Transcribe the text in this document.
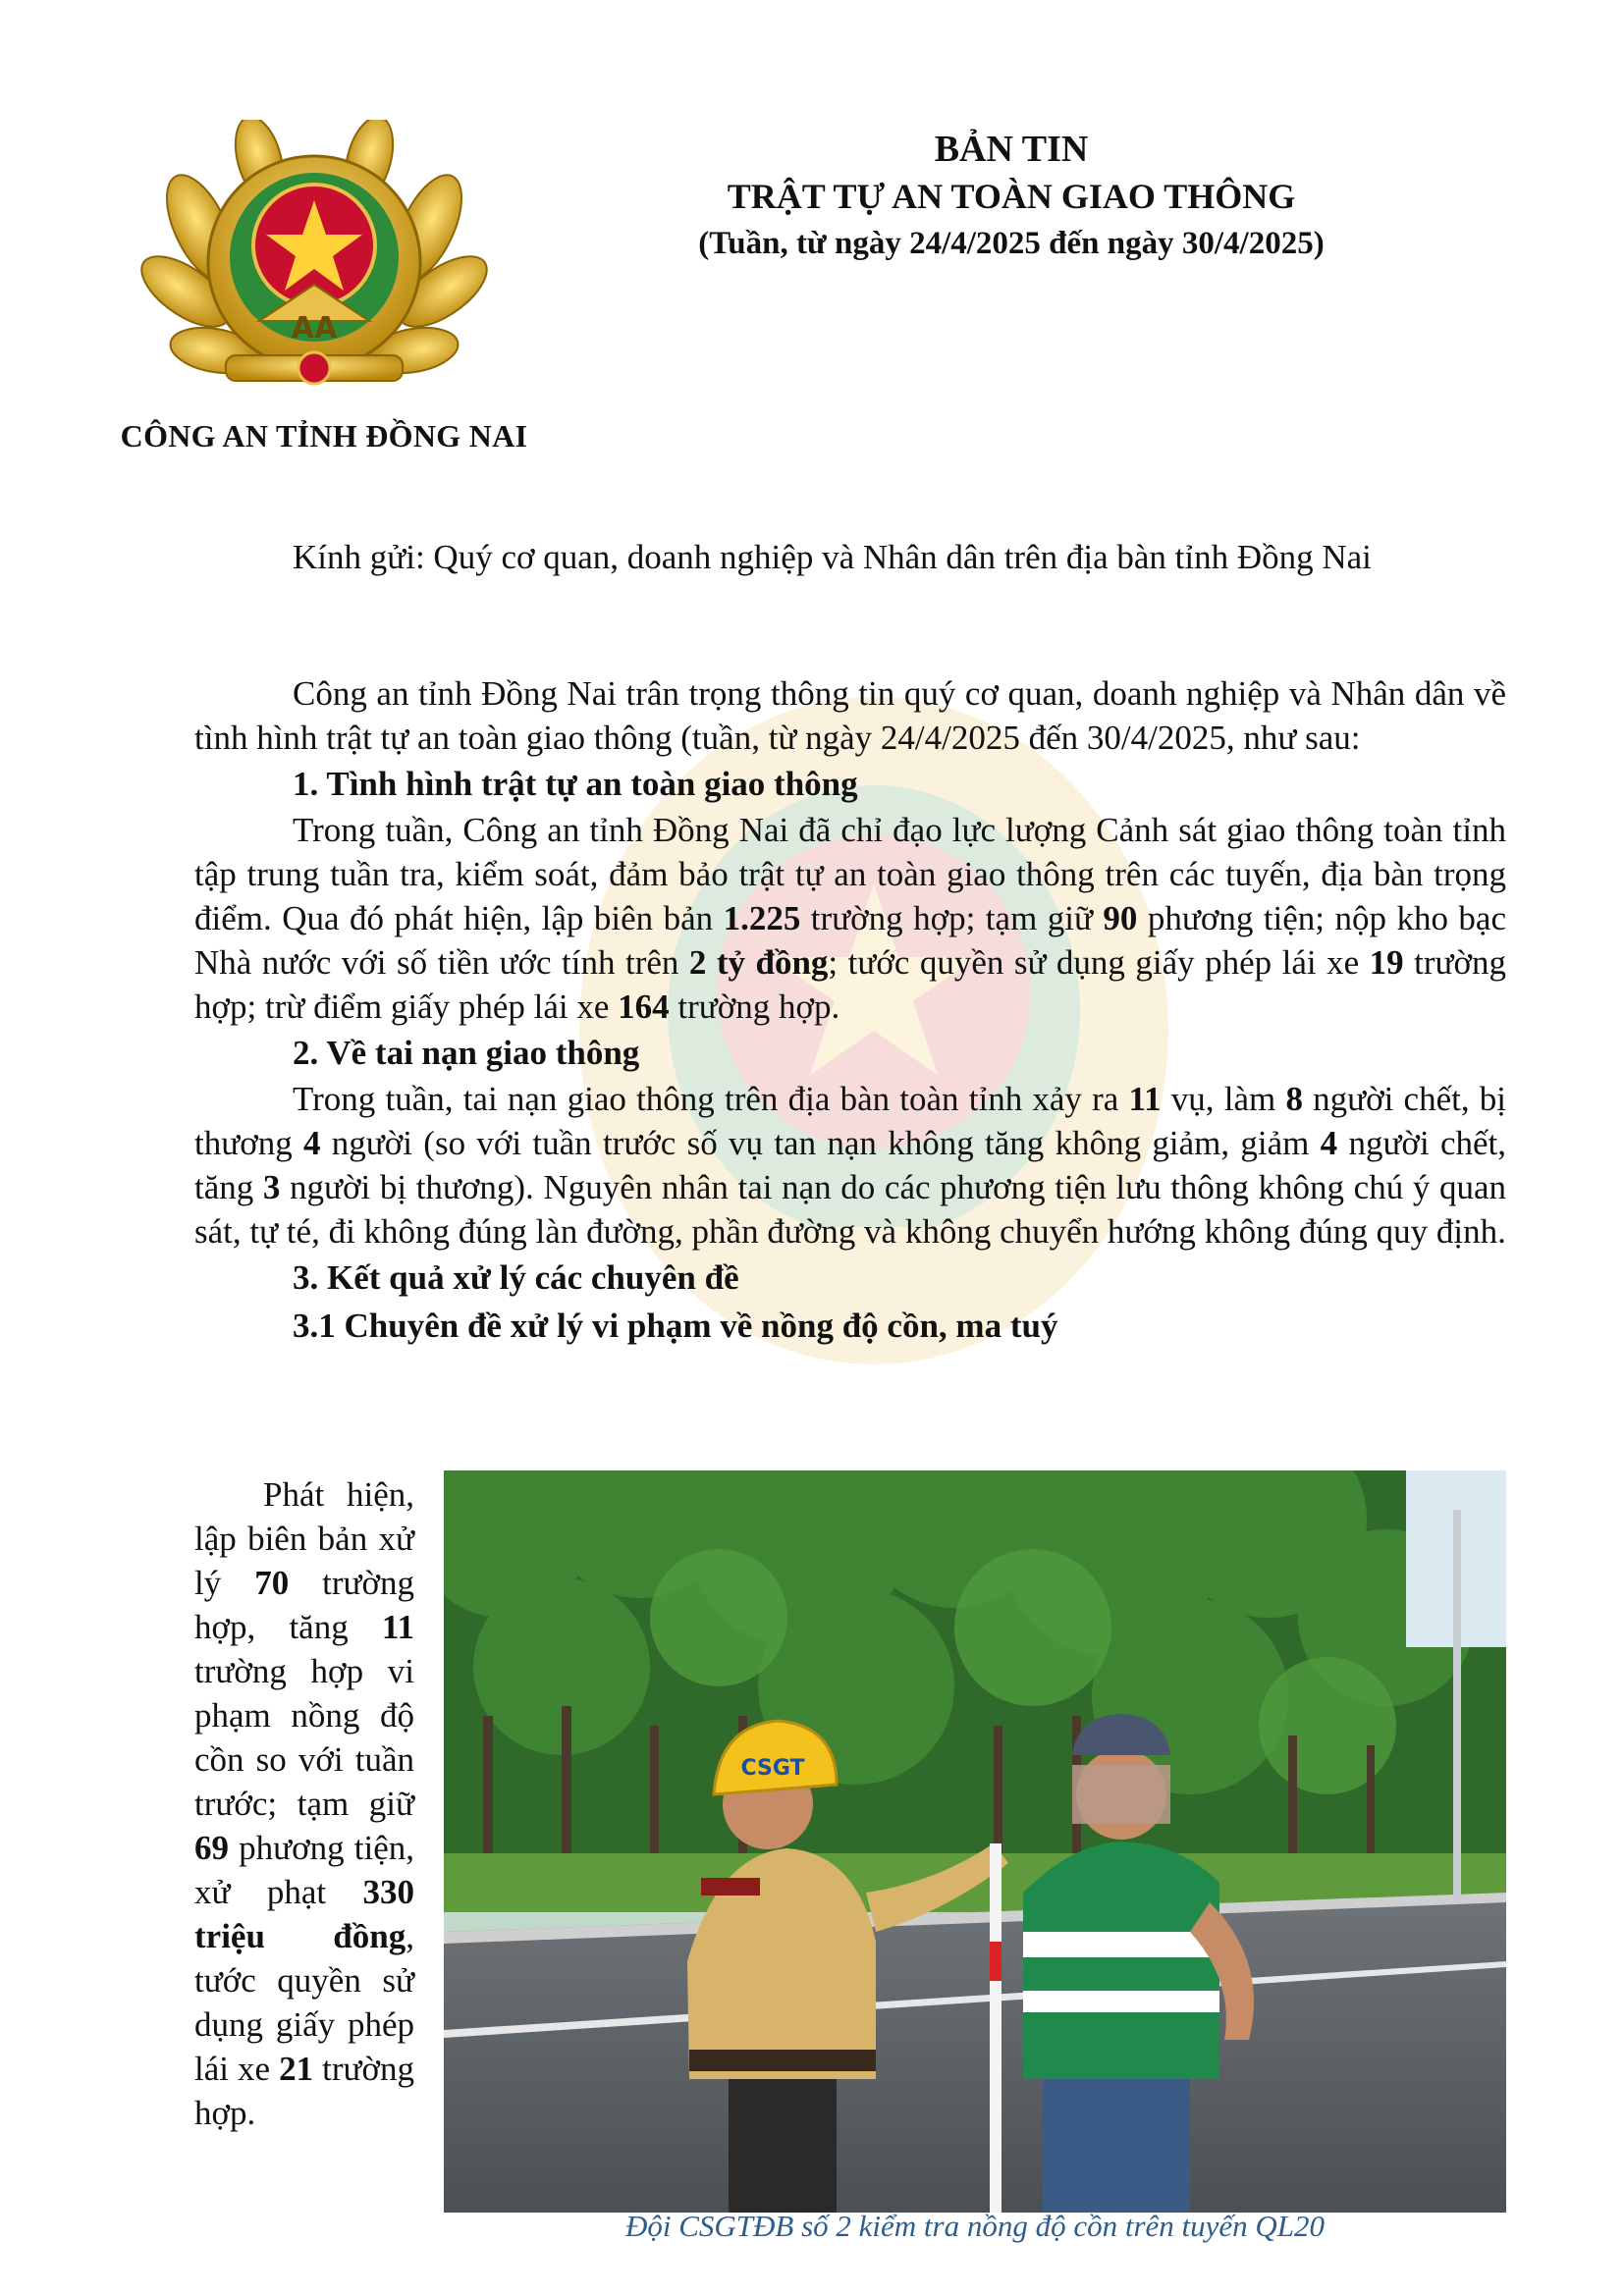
AA
CÔNG AN TỈNH ĐỒNG NAI
BẢN TIN
TRẬT TỰ AN TOÀN GIAO THÔNG
(Tuần, từ ngày 24/4/2025 đến ngày 30/4/2025)
Kính gửi: Quý cơ quan, doanh nghiệp và Nhân dân trên địa bàn tỉnh Đồng Nai

Công an tỉnh Đồng Nai trân trọng thông tin quý cơ quan, doanh nghiệp và Nhân dân về tình hình trật tự an toàn giao thông (tuần, từ ngày 24/4/2025 đến 30/4/2025, như sau:

1. Tình hình trật tự an toàn giao thông

Trong tuần, Công an tỉnh Đồng Nai đã chỉ đạo lực lượng Cảnh sát giao thông toàn tỉnh tập trung tuần tra, kiểm soát, đảm bảo trật tự an toàn giao thông trên các tuyến, địa bàn trọng điểm. Qua đó phát hiện, lập biên bản 1.225 trường hợp; tạm giữ 90 phương tiện; nộp kho bạc Nhà nước với số tiền ước tính trên 2 tỷ đồng; tước quyền sử dụng giấy phép lái xe 19 trường hợp; trừ điểm giấy phép lái xe 164 trường hợp.

2. Về tai nạn giao thông

Trong tuần, tai nạn giao thông trên địa bàn toàn tỉnh xảy ra 11 vụ, làm 8 người chết, bị thương 4 người (so với tuần trước số vụ tan nạn không tăng không giảm, giảm 4 người chết, tăng 3 người bị thương). Nguyên nhân tai nạn do các phương tiện lưu thông không chú ý quan sát, tự té, đi không đúng làn đường, phần đường và không chuyển hướng không đúng quy định.

3. Kết quả xử lý các chuyên đề
3.1 Chuyên đề xử lý vi phạm về nồng độ cồn, ma tuý
Phát hiện, lập biên bản xử lý 70 trường hợp, tăng 11 trường hợp vi phạm nồng độ cồn so với tuần trước; tạm giữ 69 phương tiện, xử phạt 330 triệu đồng, tước quyền sử dụng giấy phép lái xe 21 trường hợp.
CSGT
Đội CSGTĐB số 2 kiểm tra nồng độ cồn trên tuyến QL20
